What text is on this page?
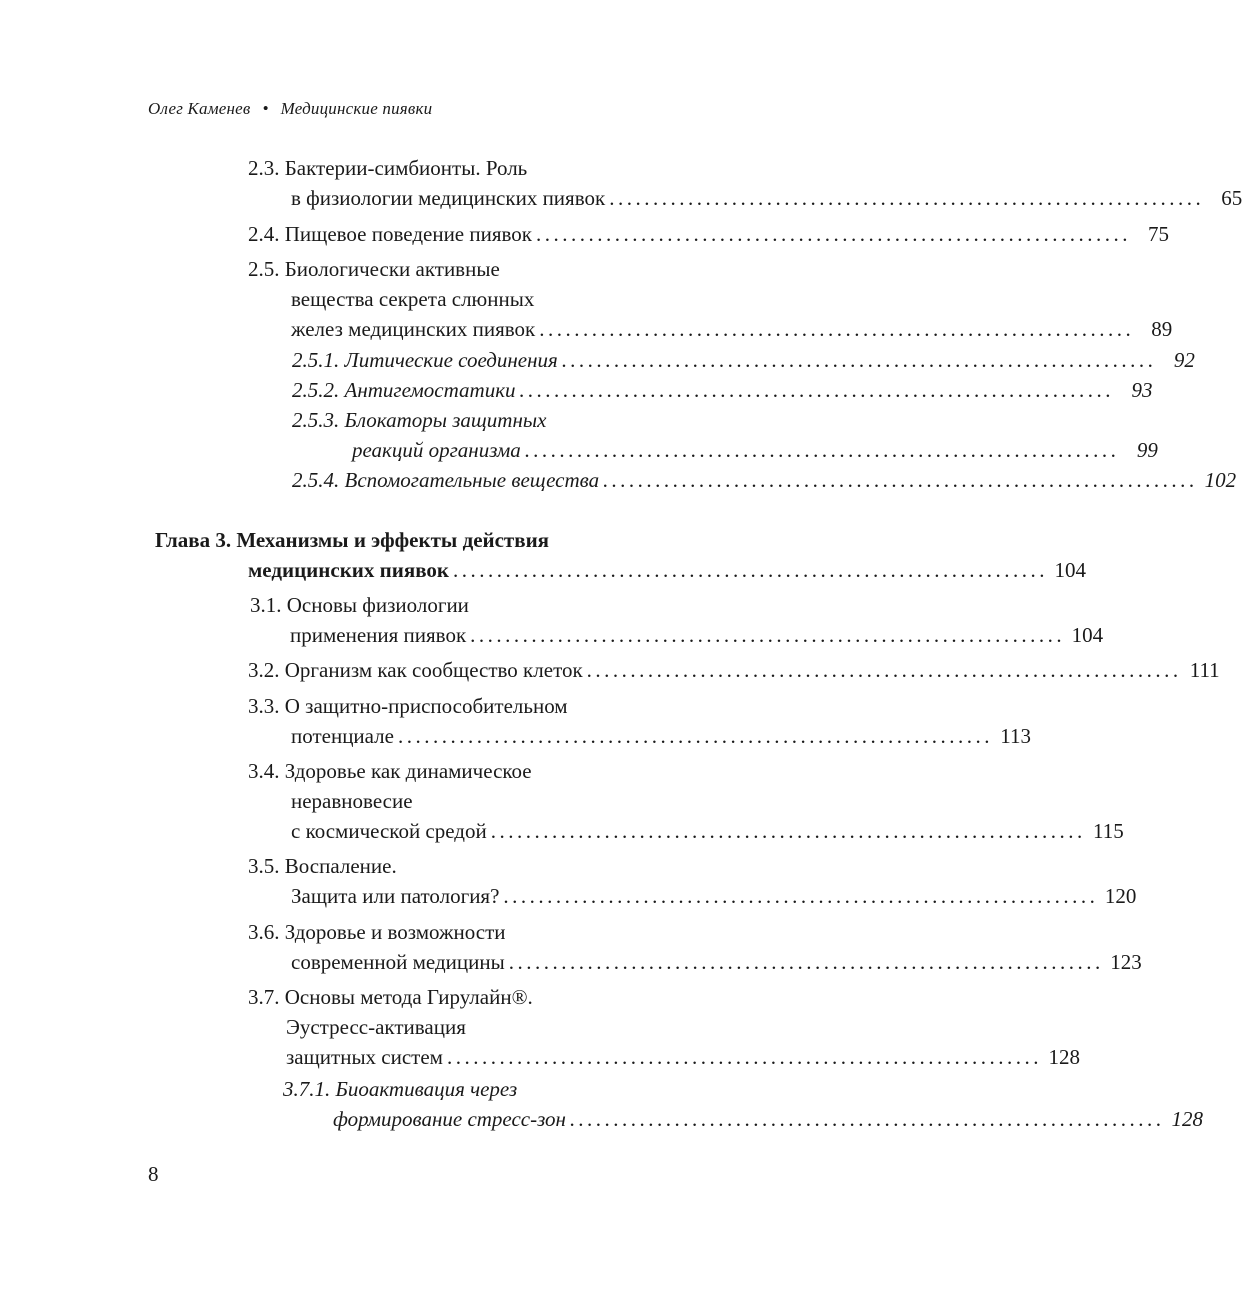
Олег Каменев • Медицинские пиявки
2.3. Бактерии-симбионты. Роль
в физиологии медицинских пиявок .................................................................... 65
2.4. Пищевое поведение пиявок .................................................................... 75
2.5. Биологически активные
вещества секрета слюнных
желез медицинских пиявок .................................................................... 89
2.5.1. Литические соединения .................................................................... 92
2.5.2. Антигемостатики .................................................................... 93
2.5.3. Блокаторы защитных
реакций организма .................................................................... 99
2.5.4. Вспомогательные вещества .................................................................... 102
Глава 3. Механизмы и эффекты действия
медицинских пиявок .................................................................... 104
3.1. Основы физиологии
применения пиявок .................................................................... 104
3.2. Организм как сообщество клеток .................................................................... 111
3.3. О защитно-приспособительном
потенциале .................................................................... 113
3.4. Здоровье как динамическое
неравновесие
с космической средой .................................................................... 115
3.5. Воспаление.
Защита или патология? .................................................................... 120
3.6. Здоровье и возможности
современной медицины .................................................................... 123
3.7. Основы метода Гирулайн®.
Эустресс-активация
защитных систем .................................................................... 128
3.7.1. Биоактивация через
формирование стресс-зон .................................................................... 128
8
